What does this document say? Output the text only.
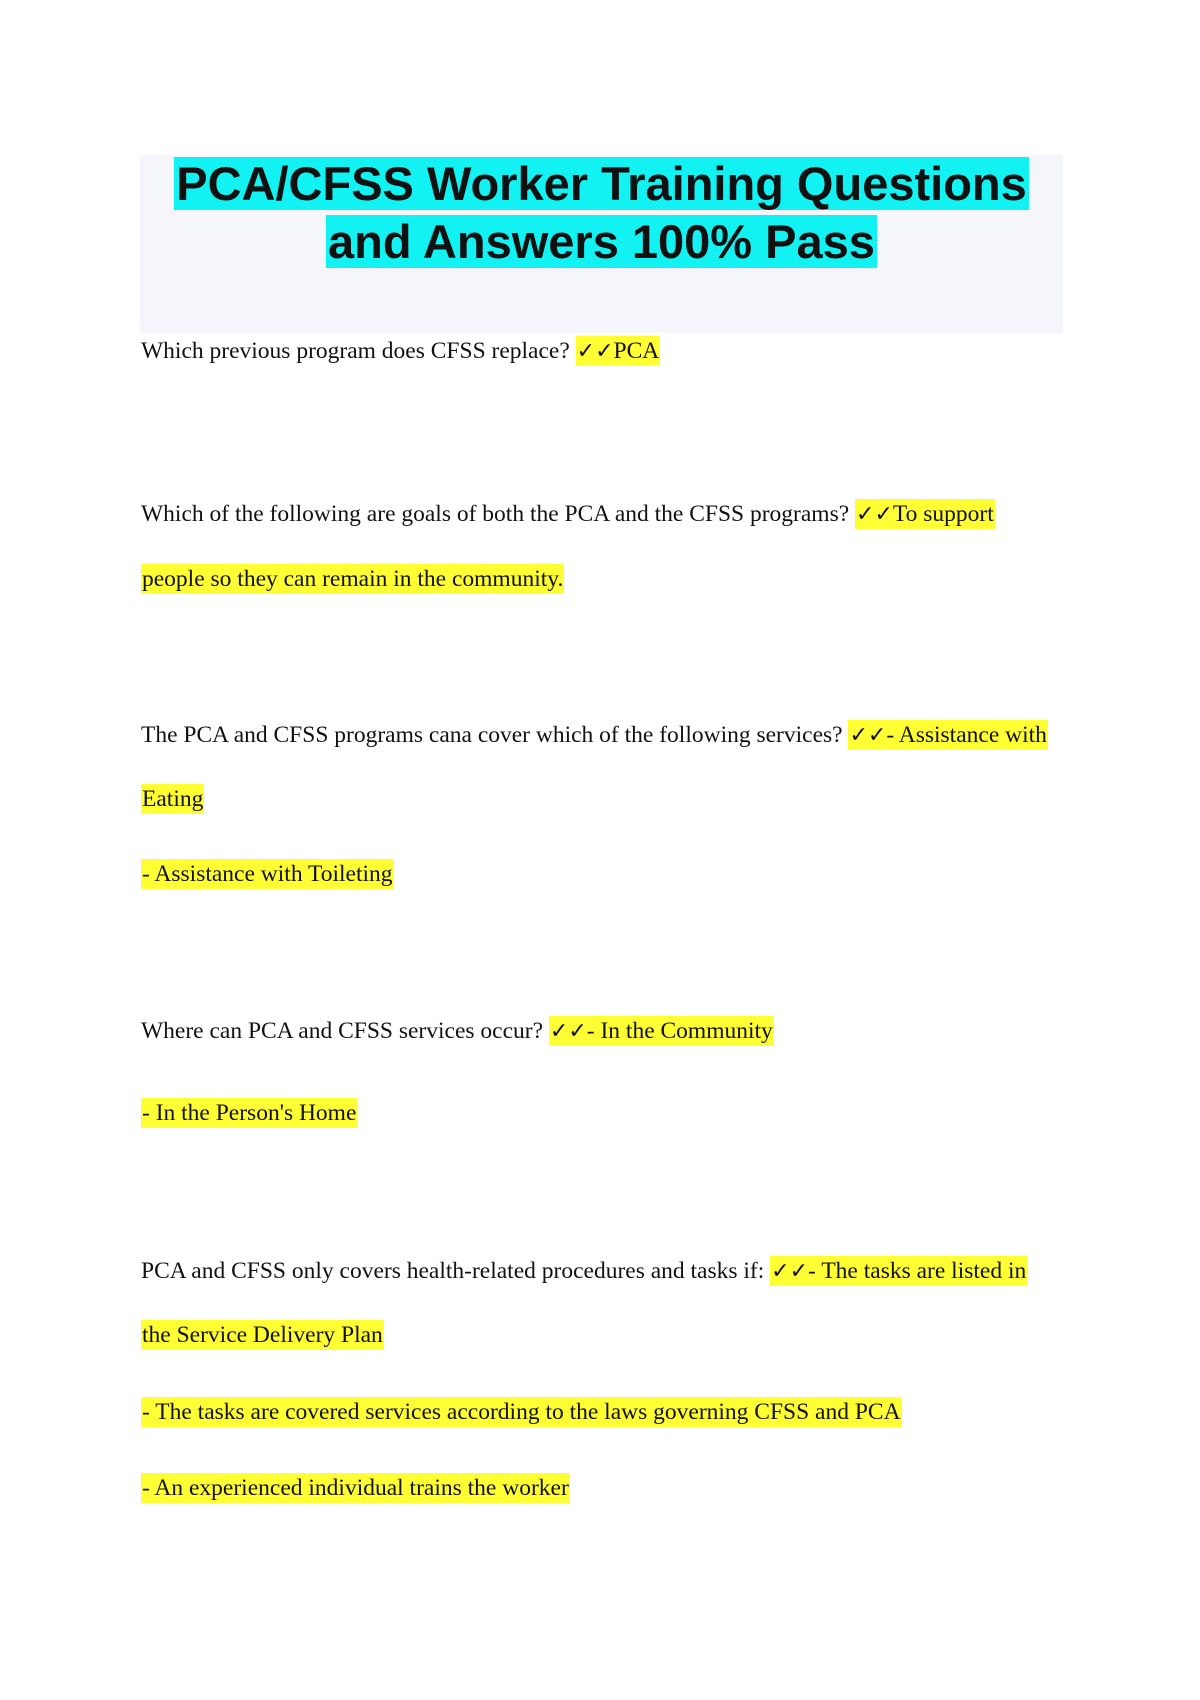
PCA/CFSS Worker Training Questions
and Answers 100% Pass
Which previous program does CFSS replace? ✓✓PCA
Which of the following are goals of both the PCA and the CFSS programs? ✓✓To support
people so they can remain in the community.
The PCA and CFSS programs cana cover which of the following services? ✓✓- Assistance with
Eating
- Assistance with Toileting
Where can PCA and CFSS services occur? ✓✓- In the Community
- In the Person's Home
PCA and CFSS only covers health-related procedures and tasks if: ✓✓- The tasks are listed in
the Service Delivery Plan
- The tasks are covered services according to the laws governing CFSS and PCA
- An experienced individual trains the worker
